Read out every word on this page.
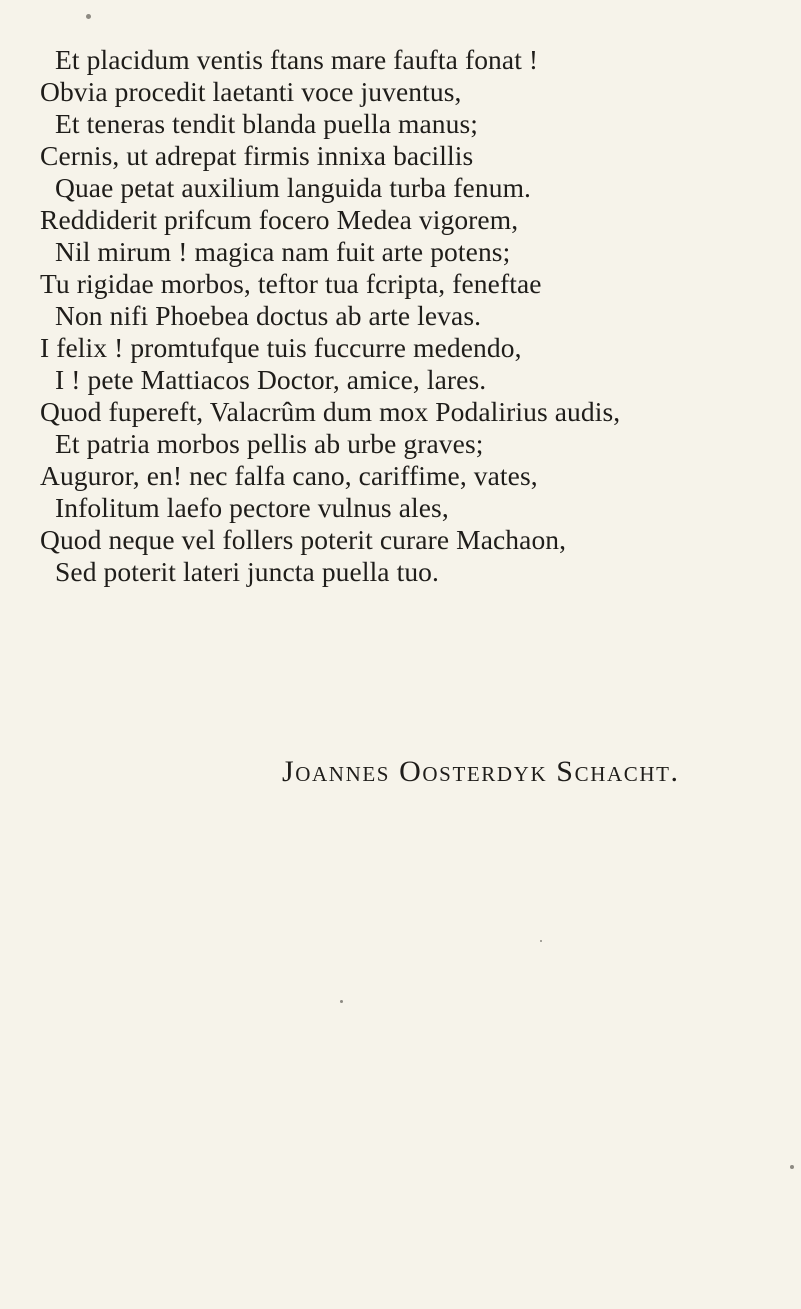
Et placidum ventis ftans mare faufta fonat !
Obvia procedit laetanti voce juventus,
Et teneras tendit blanda puella manus;
Cernis, ut adrepat firmis innixa bacillis
Quae petat auxilium languida turba fenum.
Reddiderit prifcum focero Medea vigorem,
Nil mirum ! magica nam fuit arte potens;
Tu rigidae morbos, teftor tua fcripta, feneftae
Non nifi Phoebea doctus ab arte levas.
I felix ! promtufque tuis fuccurre medendo,
I ! pete Mattiacos Doctor, amice, lares.
Quod fupereft, Valacrûm dum mox Podalirius audis,
Et patria morbos pellis ab urbe graves;
Auguror, en! nec falfa cano, cariffime, vates,
Infolitum laefo pectore vulnus ales,
Quod neque vel follers poterit curare Machaon,
Sed poterit lateri juncta puella tuo.
Joannes Oosterdyk Schacht.
